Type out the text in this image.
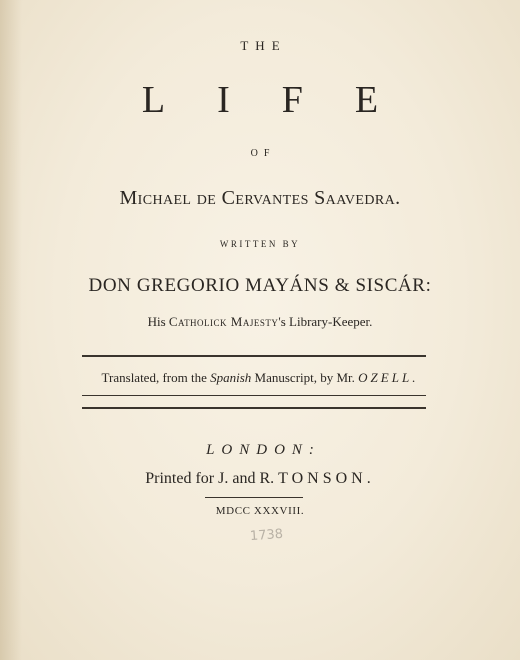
THE
LIFE
OF
Michael de Cervantes Saavedra.
WRITTEN BY
DON GREGORIO MAYÁNS & SISCÁR:
His Catholick Majesty's Library-Keeper.
Translated, from the Spanish Manuscript, by Mr. OZELL.
LONDON:
Printed for J. and R. TONSON.
MDCC XXXVIII.
1738
